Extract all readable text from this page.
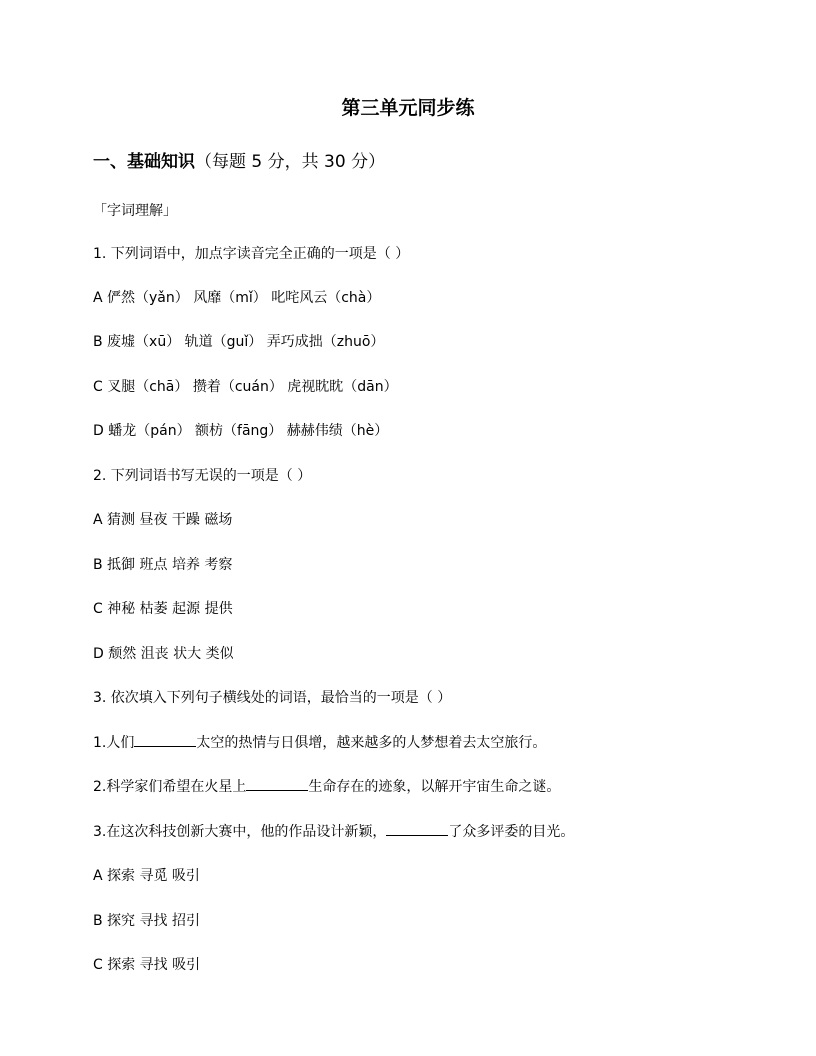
第三单元同步练
一、基础知识（每题 5 分，共 30 分）
「字词理解」
1. 下列词语中，加点字读音完全正确的一项是（ ）
A 俨然（yǎn） 风靡（mǐ） 叱咤风云（chà）
B 废墟（xū） 轨道（guǐ） 弄巧成拙（zhuō）
C 叉腿（chā） 攒着（cuán） 虎视眈眈（dān）
D 蟠龙（pán） 额枋（fāng） 赫赫伟绩（hè）
2. 下列词语书写无误的一项是（ ）
A 猜测 昼夜 干躁 磁场
B 抵御 班点 培养 考察
C 神秘 枯萎 起源 提供
D 颓然 沮丧 状大 类似
3. 依次填入下列句子横线处的词语，最恰当的一项是（ ）
1.人们	太空的热情与日俱增，越来越多的人梦想着去太空旅行。
2.科学家们希望在火星上	生命存在的迹象，以解开宇宙生命之谜。
3.在这次科技创新大赛中，他的作品设计新颖，	了众多评委的目光。
A 探索 寻觅 吸引
B 探究 寻找 招引
C 探索 寻找 吸引
